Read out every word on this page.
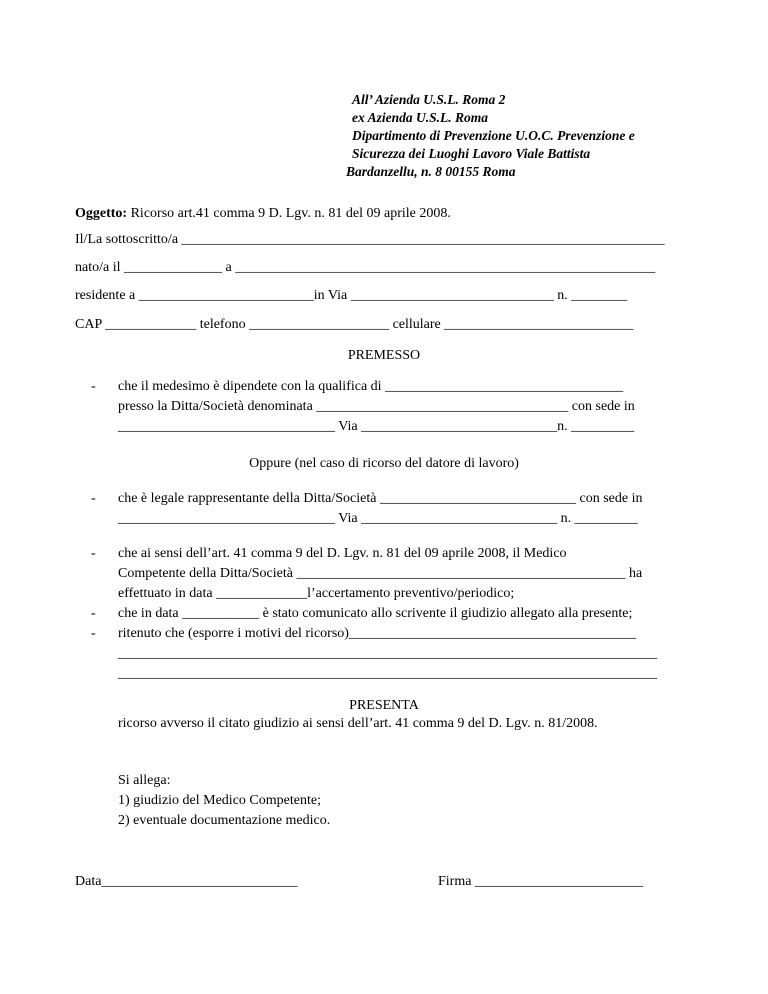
All’ Azienda U.S.L. Roma 2
ex Azienda U.S.L. Roma
Dipartimento di Prevenzione U.O.C. Prevenzione e
Sicurezza dei Luoghi Lavoro Viale Battista
Bardanzellu, n. 8 00155 Roma
Oggetto: Ricorso art.41 comma 9 D. Lgv. n. 81 del 09 aprile 2008.
Il/La sottoscritto/a _____________________________________________________________________
nato/a il ______________ a ____________________________________________________________
residente a _________________________in Via _____________________________ n. ________
CAP _____________ telefono ____________________ cellulare ___________________________
PREMESSO
- che il medesimo è dipendete con la qualifica di __________________________________
presso la Ditta/Società denominata ____________________________________ con sede in
_______________________________ Via ____________________________n. _________
Oppure (nel caso di ricorso del datore di lavoro)
- che è legale rappresentante della Ditta/Società ____________________________ con sede in
_______________________________ Via ____________________________ n. _________
- che ai sensi dell’art. 41 comma 9 del D. Lgv. n. 81 del 09 aprile 2008, il Medico
Competente della Ditta/Società _______________________________________________ ha
effettuato in data _____________l’accertamento preventivo/periodico;
- che in data ___________ è stato comunicato allo scrivente il giudizio allegato alla presente;
- ritenuto che (esporre i motivi del ricorso)_________________________________________
_____________________________________________________________________________
_____________________________________________________________________________
PRESENTA
ricorso avverso il citato giudizio ai sensi dell’art. 41 comma 9 del D. Lgv. n. 81/2008.
Si allega:
1) giudizio del Medico Competente;
2) eventuale documentazione medico.
Data____________________________	Firma ________________________
